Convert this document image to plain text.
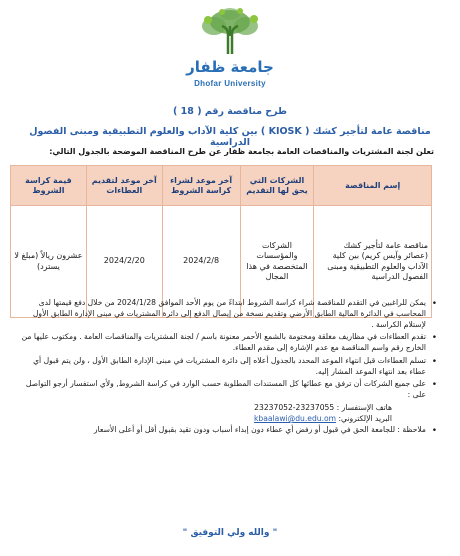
جامعة ظفار
Dhofar University
طرح مناقصة رقم ( 18 )
مناقصة عامة لتأجير كشك ( KIOSK ) بين كلية الآداب والعلوم التطبيقية ومبنى الفصول الدراسية
تعلن لجنة المشتريات والمناقصات العامة بجامعة ظفار عن طرح المناقصة الموضحة بالجدول التالي:
إسم المناقصة	الشركات التي يحق لها التقديم	آخر موعد لشراء كراسة الشروط	آخر موعد لتقديم العطاءات	قيمة كراسة الشروط
مناقصة عامة لتأجير كشك (عصائر وآيس كريم) بين كلية الآداب والعلوم التطبيقية ومبنى الفصول الدراسية	الشركات والمؤسسات المتخصصة في هذا المجال	2024/2/8	2024/2/20	عشرون ريالاً (مبلغ لا يسترد)
• يمكن للراغبين في التقدم للمناقصة شراء كراسة الشروط ابتداءً من يوم الأحد الموافق 2024/1/28 من خلال دفع قيمتها لدى المحاسب في الدائرة المالية الطابق الأرضي وتقديم نسخة من إيصال الدفع إلى دائرة المشتريات في مبنى الإدارة الطابق الأول لإستلام الكراسة .
• تقدم العطاءات في مظاريف مغلقة ومختومة بالشمع الأحمر معنونة باسم / لجنة المشتريات والمناقصات العامة . ومكتوب عليها من الخارج رقم واسم المناقصة مع عدم الإشارة إلى مقدم العطاء.
• تسلم العطاءات قبل انتهاء الموعد المحدد بالجدول أعلاه إلى دائرة المشتريات في مبنى الإدارة الطابق الأول ، ولن يتم قبول أي عطاء بعد انتهاء الموعد المشار إليه.
• على جميع الشركات أن ترفق مع عطائها كل المستندات المطلوبة حسب الوارد في كراسة الشروط, ولأي استفسار أرجو التواصل على :
هاتف الإستفسار : 23237052-23237055
البريد الإلكتروني: kbaalawi@du.edu.om
• ملاحظة : للجامعة الحق في قبول أو رفض أي عطاء دون إبداء أسباب ودون تقيد بقبول أقل أو أعلى الأسعار
" والله ولي التوفيق "
